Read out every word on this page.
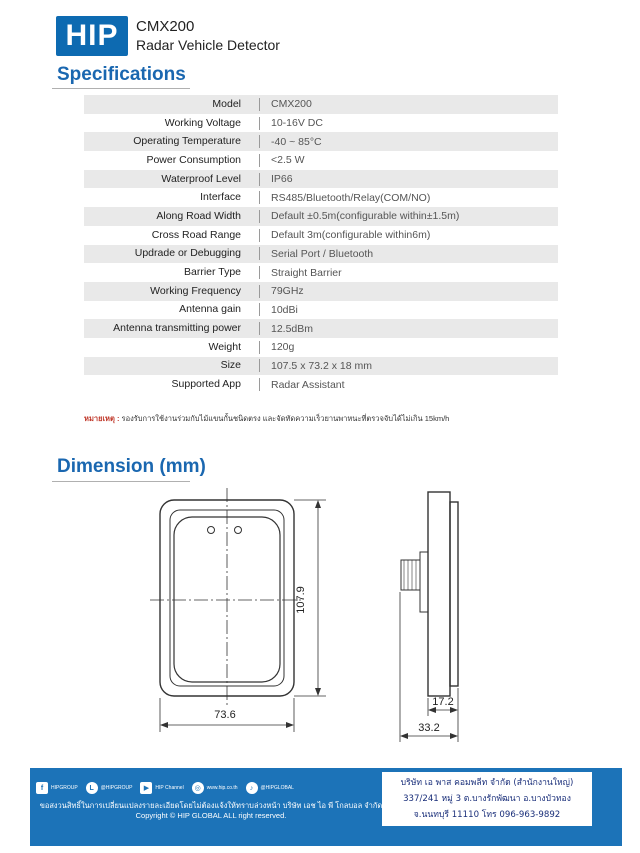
HIP	CMX200
Radar Vehicle Detector
Specifications
Model	CMX200
Working Voltage	10-16V DC
Operating Temperature	-40 ~ 85°C
Power Consumption	<2.5 W
Waterproof Level	IP66
Interface	RS485/Bluetooth/Relay(COM/NO)
Along Road Width	Default ±0.5m(configurable within±1.5m)
Cross Road Range	Default 3m(configurable within6m)
Updrade or Debugging	Serial Port / Bluetooth
Barrier Type	Straight Barrier
Working Frequency	79GHz
Antenna gain	10dBi
Antenna transmitting power	12.5dBm
Weight	120g
Size	107.5 x 73.2 x 18 mm
Supported App	Radar Assistant
หมายเหตุ : รองรับการใช้งานร่วมกับไม้แขนกั้นชนิดตรง และจัดทัดความเร็วยานพาหนะที่ตรวจจับได้ไม่เกิน 15km/h
Dimension (mm)
107.9
73.6
17.2
33.2
f	HIPGROUP	L	@HIPGROUP	▶	HIP Channel	◎	www.hip.co.th	♪	@HIPGLOBAL
ขอสงวนสิทธิ์ในการเปลี่ยนแปลงรายละเอียดโดยไม่ต้องแจ้งให้ทราบล่วงหน้า บริษัท เอช ไอ พี โกลบอล จำกัด
Copyright © HIP GLOBAL ALL right reserved.
บริษัท เอ พาส คอมพลีท จำกัด (สำนักงานใหญ่)
337/241 หมู่ 3 ต.บางรักพัฒนา อ.บางบัวทอง
จ.นนทบุรี 11110 โทร 096-963-9892
